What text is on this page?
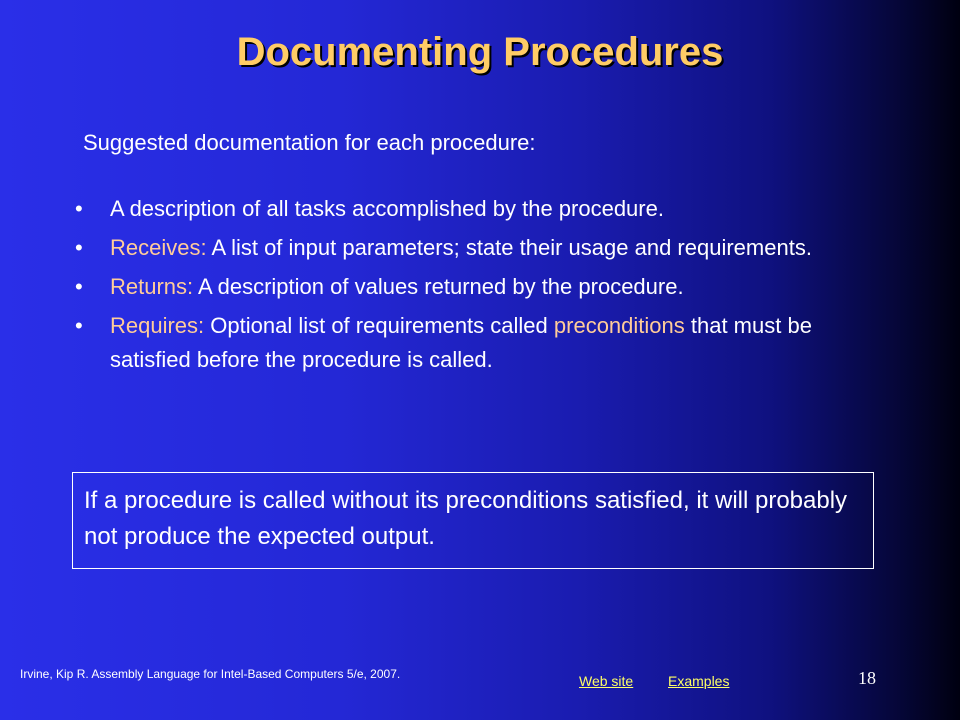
Documenting Procedures
Suggested documentation for each procedure:
• A description of all tasks accomplished by the procedure.
• Receives: A list of input parameters; state their usage and requirements.
• Returns: A description of values returned by the procedure.
• Requires: Optional list of requirements called preconditions that must be satisfied before the procedure is called.
If a procedure is called without its preconditions satisfied, it will probably not produce the expected output.
Irvine, Kip R. Assembly Language for Intel-Based Computers 5/e, 2007.	Web site Examples	18
